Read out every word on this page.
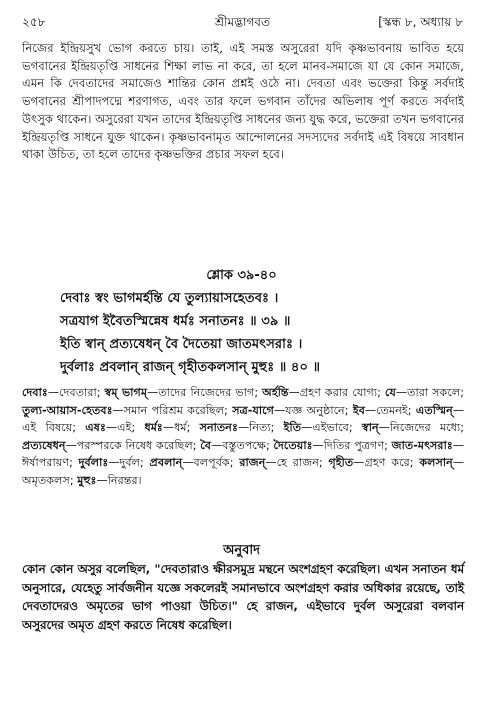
২৫৮	শ্রীমদ্ভাগবত	[স্কন্ধ ৮, অধ্যায় ৮

নিজের ইন্দ্রিয়সুখ ভোগ করতে চায়। তাই, এই সমস্ত অসুরেরা যদি কৃষ্ণভাবনায় ভাবিত হয়ে ভগবানের ইন্দ্রিয়তৃপ্তি সাধনের শিক্ষা লাভ না করে, তা হলে মানব-সমাজে যা যে কোন সমাজে, এমন কি দেবতাদের সমাজেও শান্তির কোন প্রশ্নই ওঠে না। দেবতা এবং ভক্তেরা কিন্তু সর্বদাই ভগবানের শ্রীপাদপদ্মে শরণাগত, এবং তার ফলে ভগবান তাঁদের অভিলাষ পূর্ণ করতে সর্বদাই উৎসুক থাকেন। অসুরেরা যখন তাদের ইন্দ্রিয়তৃপ্তি সাধনের জন্য যুদ্ধ করে, ভক্তেরা তখন ভগবানের ইন্দ্রিয়তৃপ্তি সাধনে যুক্ত থাকেন। কৃষ্ণভাবনামৃত আন্দোলনের সদস্যদের সর্বদাই এই বিষয়ে সাবধান থাকা উচিত, তা হলে তাদের কৃষ্ণভক্তির প্রচার সফল হবে।

শ্লোক ৩৯-৪০
দেবাঃ স্বং ভাগমর্হন্তি যে তুল্যায়াসহেতবঃ ।
সত্রযাগ ইবৈতস্মিন্নেষ ধর্মঃ সনাতনঃ ॥ ৩৯ ॥
ইতি স্বান্ প্রত্যষেধন্ বৈ দৈতেয়া জাতমৎসরাঃ ।
দুর্বলাঃ প্রবলান্ রাজন্ গৃহীতকলসান্ মুহুঃ ॥ ৪০ ॥

দেবাঃ—দেবতারা; স্বম্ ভাগম্—তাদের নিজেদের ভাগ; অর্হন্তি—গ্রহণ করার যোগ্য; যে—তারা সকলে; তুল্য-আয়াস-হেতবঃ—সমান পরিশ্রম করেছিল; সত্র-যাগে—যজ্ঞ অনুষ্ঠানে; ইব—তেমনই; এতস্মিন্—এই বিষয়ে; এষঃ—এই; ধর্মঃ—ধর্ম; সনাতনঃ—নিত্য; ইতি—এইভাবে; স্বান্—নিজেদের মধ্যে; প্রত্যষেধন্—পরস্পরকে নিষেধ করেছিল; বৈ—বস্তুতপক্ষে; দৈতেয়াঃ—দিতির পুত্রগণ; জাত-মৎসরাঃ—ঈর্ষাপরায়ণ; দুর্বলাঃ—দুর্বল; প্রবলান্—বলপূর্বক; রাজন্—হে রাজন; গৃহীত—গ্রহণ করে; কলসান্—অমৃতকলস; মুহুঃ—নিরন্তর।

অনুবাদ

কোন কোন অসুর বলেছিল, "দেবতারাও ক্ষীরসমুদ্র মন্থনে অংশগ্রহণ করেছিল। এখন সনাতন ধর্ম অনুসারে, যেহেতু সার্বজনীন যজ্ঞে সকলেরই সমানভাবে অংশগ্রহণ করার অধিকার রয়েছে, তাই দেবতাদেরও অমৃতের ভাগ পাওয়া উচিত।" হে রাজন, এইভাবে দুর্বল অসুরেরা বলবান অসুরদের অমৃত গ্রহণ করতে নিষেধ করেছিল।
